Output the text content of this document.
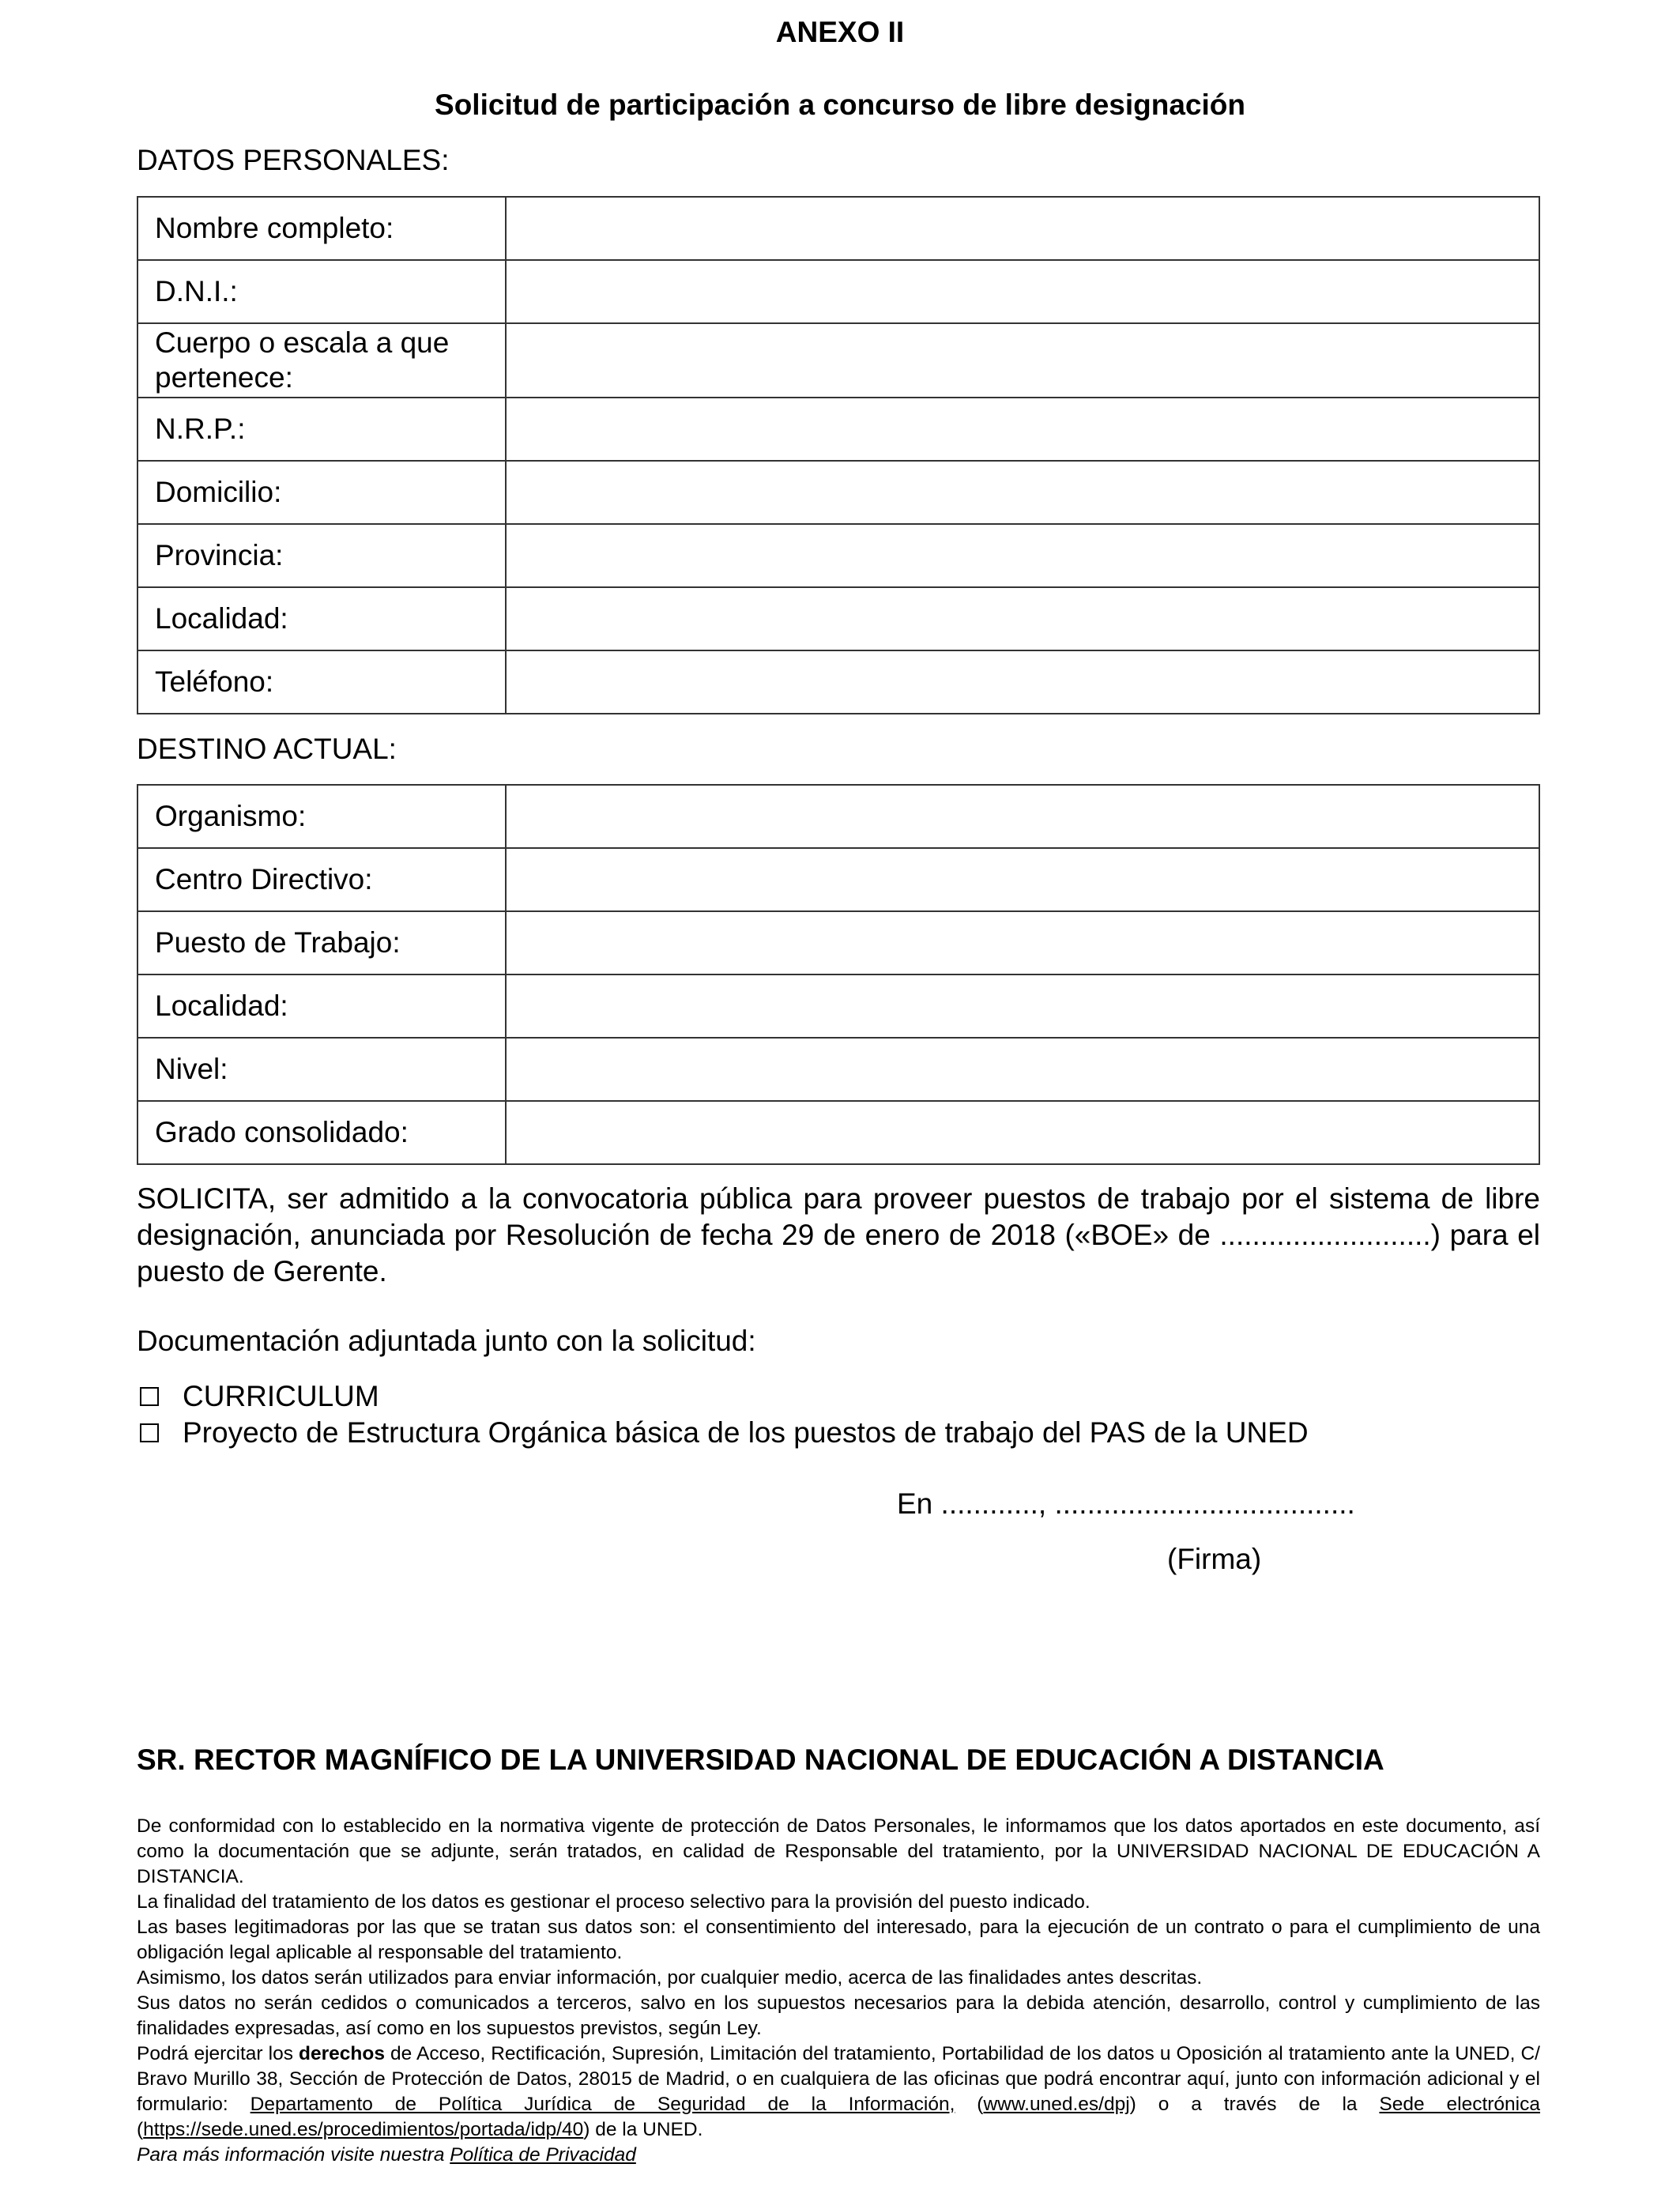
ANEXO II
Solicitud de participación a concurso de libre designación
DATOS PERSONALES:
Nombre completo:	
D.N.I.:	
Cuerpo o escala a que pertenece:	
N.R.P.:	
Domicilio:	
Provincia:	
Localidad:	
Teléfono:	
DESTINO ACTUAL:
Organismo:	
Centro Directivo:	
Puesto de Trabajo:	
Localidad:	
Nivel:	
Grado consolidado:	
SOLICITA, ser admitido a la convocatoria pública para proveer puestos de trabajo por el sistema de libre designación, anunciada por Resolución de fecha 29 de enero de 2018 («BOE» de ..........................) para el puesto de Gerente.
Documentación adjuntada junto con la solicitud:
CURRICULUM
Proyecto de Estructura Orgánica básica de los puestos de trabajo del PAS de la UNED
En ............, .....................................
(Firma)
SR. RECTOR MAGNÍFICO DE LA UNIVERSIDAD NACIONAL DE EDUCACIÓN A DISTANCIA

De conformidad con lo establecido en la normativa vigente de protección de Datos Personales, le informamos que los datos aportados en este documento, así como la documentación que se adjunte, serán tratados, en calidad de Responsable del tratamiento, por la UNIVERSIDAD NACIONAL DE EDUCACIÓN A DISTANCIA.

La finalidad del tratamiento de los datos es gestionar el proceso selectivo para la provisión del puesto indicado.

Las bases legitimadoras por las que se tratan sus datos son: el consentimiento del interesado, para la ejecución de un contrato o para el cumplimiento de una obligación legal aplicable al responsable del tratamiento.

Asimismo, los datos serán utilizados para enviar información, por cualquier medio, acerca de las finalidades antes descritas.

Sus datos no serán cedidos o comunicados a terceros, salvo en los supuestos necesarios para la debida atención, desarrollo, control y cumplimiento de las finalidades expresadas, así como en los supuestos previstos, según Ley.

Podrá ejercitar los derechos de Acceso, Rectificación, Supresión, Limitación del tratamiento, Portabilidad de los datos u Oposición al tratamiento ante la UNED, C/ Bravo Murillo 38, Sección de Protección de Datos, 28015 de Madrid, o en cualquiera de las oficinas que podrá encontrar aquí, junto con información adicional y el formulario: Departamento de Política Jurídica de Seguridad de la Información, (www.uned.es/dpj) o a través de la Sede electrónica (https://sede.uned.es/procedimientos/portada/idp/40) de la UNED.

Para más información visite nuestra Política de Privacidad
